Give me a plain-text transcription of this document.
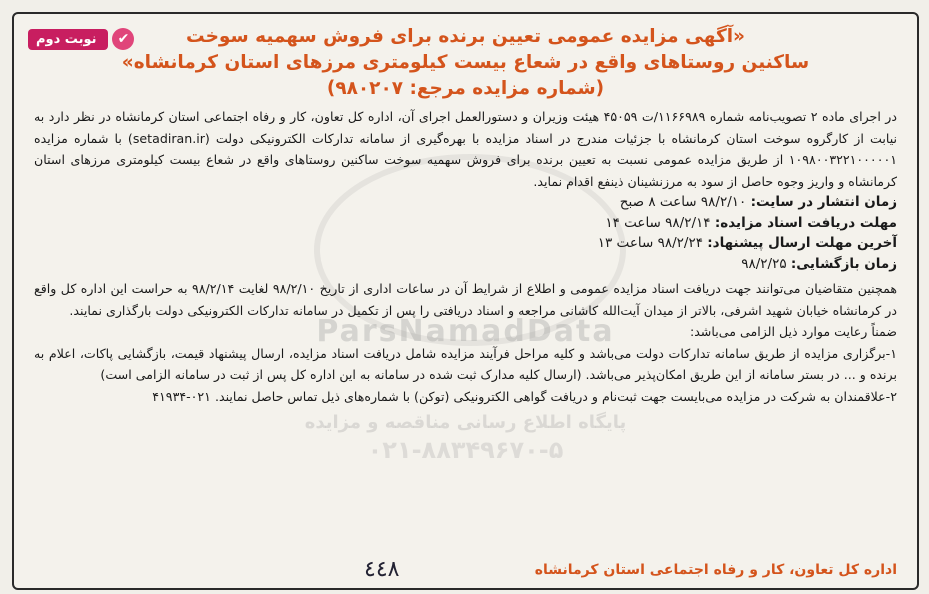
ParsNamadData
پایگاه اطلاع رسانی مناقصه و مزایده
۰۲۱-۸۸۳۴۹۶۷۰-۵
✔
نوبت دوم	«آگهی مزایده عمومی تعیین برنده برای فروش سهمیه سوخت
ساکنین روستاهای واقع در شعاع بیست کیلومتری مرزهای استان کرمانشاه»
(شماره مزایده مرجع: ۹۸۰۲۰۷)
در اجرای ماده ۲ تصویب‌نامه شماره ۱۱۶۶۹۸۹/ت ۴۵۰۵۹ هیئت وزیران و دستورالعمل اجرای آن، اداره کل تعاون، کار و رفاه اجتماعی استان کرمانشاه در نظر دارد به نیابت از کارگروه سوخت استان کرمانشاه با جزئیات مندرج در اسناد مزایده با بهره‌گیری از سامانه تدارکات الکترونیکی دولت (setadiran.ir) با شماره مزایده ۱۰۹۸۰۰۳۲۲۱۰۰۰۰۰۱ از طریق مزایده عمومی نسبت به تعیین برنده برای فروش سهمیه سوخت ساکنین روستاهای واقع در شعاع بیست کیلومتری مرزهای استان کرمانشاه و واریز وجوه حاصل از سود به مرزنشینان ذینفع اقدام نماید.
زمان انتشار در سایت: ۹۸/۲/۱۰ ساعت ۸ صبح
مهلت دریافت اسناد مزایده: ۹۸/۲/۱۴ ساعت ۱۴
آخرین مهلت ارسال پیشنهاد: ۹۸/۲/۲۴ ساعت ۱۳
زمان بازگشایی: ۹۸/۲/۲۵
همچنین متقاضیان می‌توانند جهت دریافت اسناد مزایده عمومی و اطلاع از شرایط آن در ساعات اداری از تاریخ ۹۸/۲/۱۰ لغایت ۹۸/۲/۱۴ به حراست این اداره کل واقع در کرمانشاه خیابان شهید اشرفی، بالاتر از میدان آیت‌الله کاشانی مراجعه و اسناد دریافتی را پس از تکمیل در سامانه تدارکات الکترونیکی دولت بارگذاری نمایند.
ضمناً رعایت موارد ذیل الزامی می‌باشد:
۱-برگزاری مزایده از طریق سامانه تدارکات دولت می‌باشد و کلیه مراحل فرآیند مزایده شامل دریافت اسناد مزایده، ارسال پیشنهاد قیمت، بازگشایی پاکات، اعلام به برنده و ... در بستر سامانه از این طریق امکان‌پذیر می‌باشد. (ارسال کلیه مدارک ثبت شده در سامانه به این اداره کل پس از ثبت در سامانه الزامی است)
۲-علاقمندان به شرکت در مزایده می‌بایست جهت ثبت‌نام و دریافت گواهی الکترونیکی (توکن) با شماره‌های ذیل تماس حاصل نمایند. ۰۲۱-۴۱۹۳۴
اداره کل تعاون، کار و رفاه اجتماعی استان کرمانشاه
٤٤٨
